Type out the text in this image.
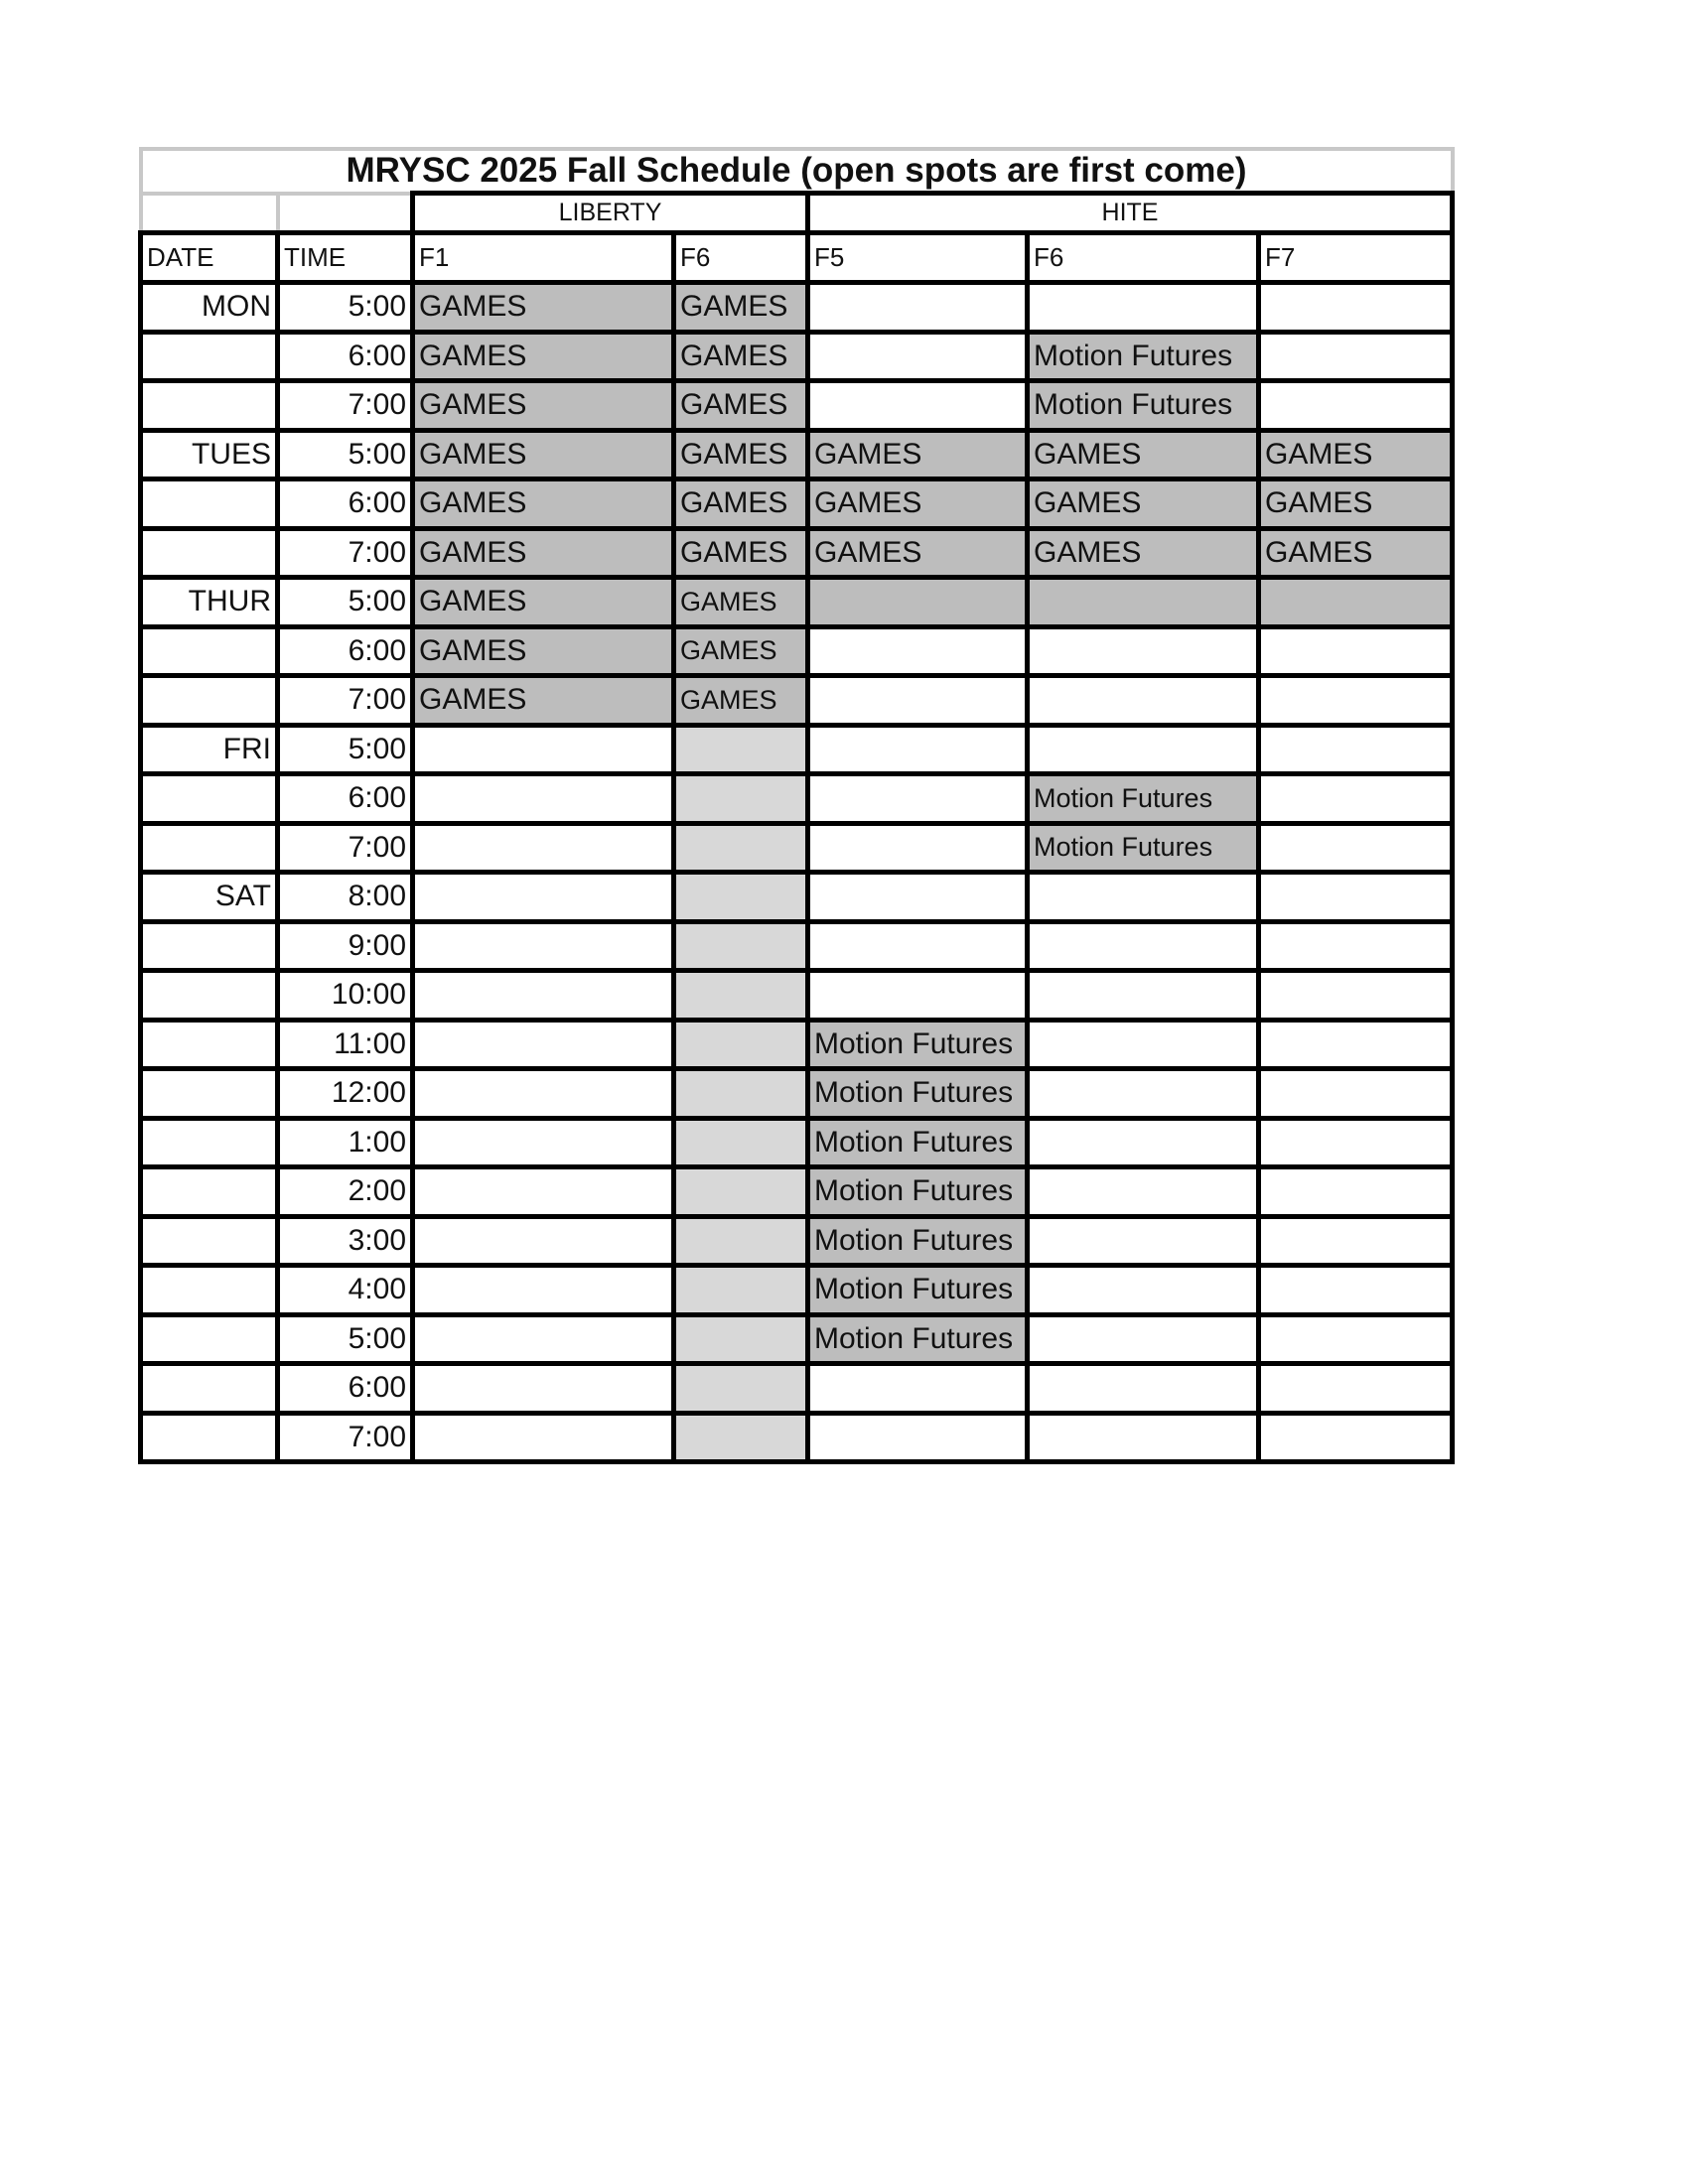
MRYSC 2025 Fall Schedule (open spots are first come)						
		LIBERTY		HITE		
DATE	TIME	F1	F6	F5	F6	F7
MON	5:00	GAMES	GAMES			
	6:00	GAMES	GAMES		Motion Futures	
	7:00	GAMES	GAMES		Motion Futures	
TUES	5:00	GAMES	GAMES	GAMES	GAMES	GAMES
	6:00	GAMES	GAMES	GAMES	GAMES	GAMES
	7:00	GAMES	GAMES	GAMES	GAMES	GAMES
THUR	5:00	GAMES	GAMES			
	6:00	GAMES	GAMES			
	7:00	GAMES	GAMES			
FRI	5:00					
	6:00				Motion Futures	
	7:00				Motion Futures	
SAT	8:00					
	9:00					
	10:00					
	11:00			Motion Futures		
	12:00			Motion Futures		
	1:00			Motion Futures		
	2:00			Motion Futures		
	3:00			Motion Futures		
	4:00			Motion Futures		
	5:00			Motion Futures		
	6:00					
	7:00					
